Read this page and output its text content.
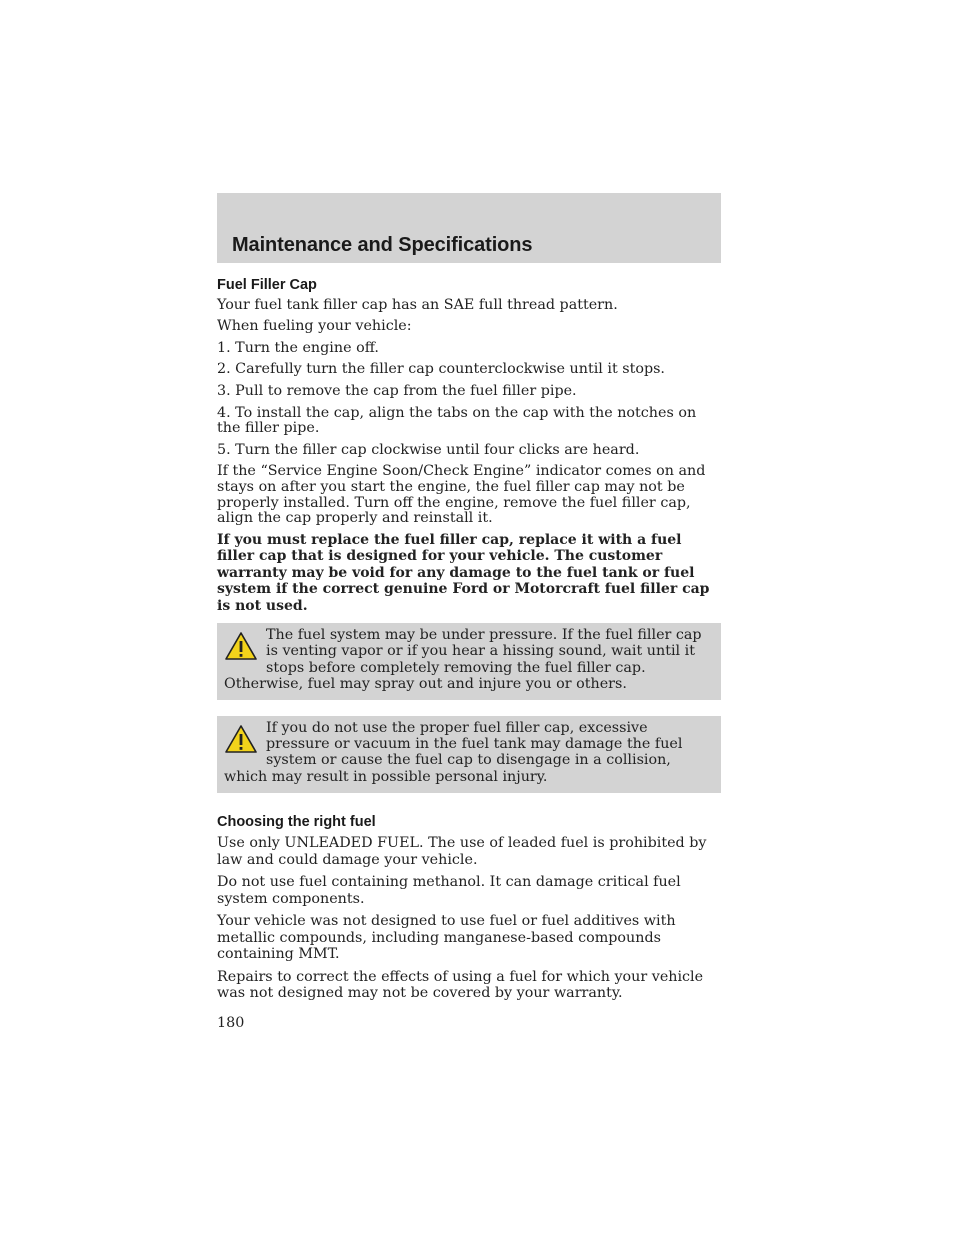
Maintenance and Specifications
Fuel Filler Cap

Your fuel tank filler cap has an SAE full thread pattern.

When fueling your vehicle:

1. Turn the engine off.

2. Carefully turn the filler cap counterclockwise until it stops.

3. Pull to remove the cap from the fuel filler pipe.

4. To install the cap, align the tabs on the cap with the notches on the filler pipe.

5. Turn the filler cap clockwise until four clicks are heard.

If the “Service Engine Soon/Check Engine” indicator comes on and stays on after you start the engine, the fuel filler cap may not be properly installed. Turn off the engine, remove the fuel filler cap, align the cap properly and reinstall it.

If you must replace the fuel filler cap, replace it with a fuel filler cap that is designed for your vehicle. The customer warranty may be void for any damage to the fuel tank or fuel system if the correct genuine Ford or Motorcraft fuel filler cap is not used.

The fuel system may be under pressure. If the fuel filler cap is venting vapor or if you hear a hissing sound, wait until it stops before completely removing the fuel filler cap. Otherwise, fuel may spray out and injure you or others.
If you do not use the proper fuel filler cap, excessive pressure or vacuum in the fuel tank may damage the fuel system or cause the fuel cap to disengage in a collision, which may result in possible personal injury.
Choosing the right fuel

Use only UNLEADED FUEL. The use of leaded fuel is prohibited by law and could damage your vehicle.

Do not use fuel containing methanol. It can damage critical fuel system components.

Your vehicle was not designed to use fuel or fuel additives with metallic compounds, including manganese-based compounds containing MMT.

Repairs to correct the effects of using a fuel for which your vehicle was not designed may not be covered by your warranty.

180
